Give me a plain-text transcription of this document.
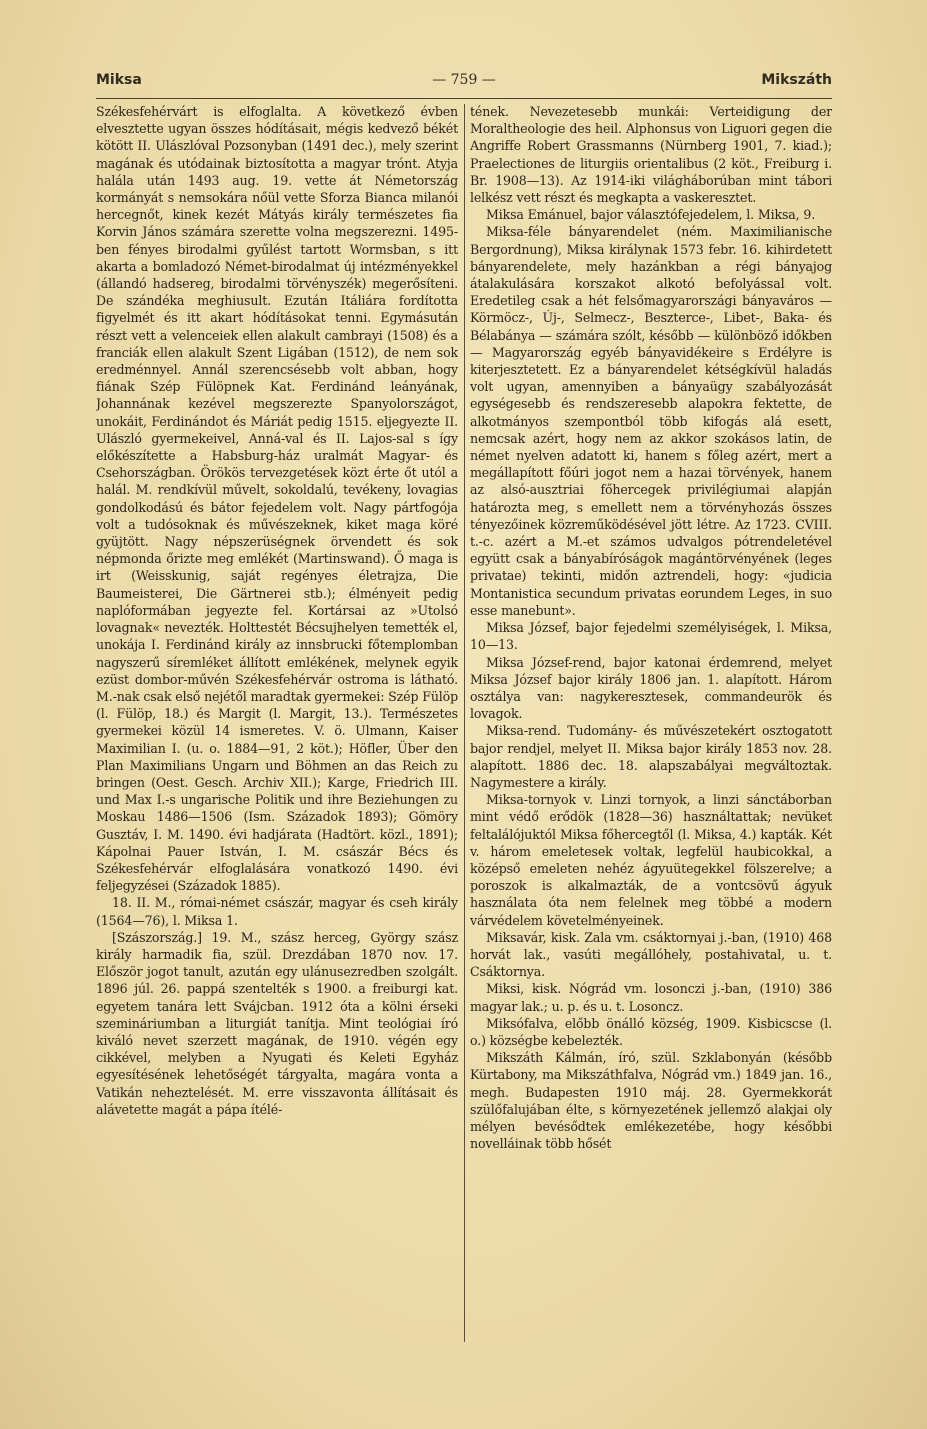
Miksa	— 759 —	Mikszáth

Székesfehérvárt is elfoglalta. A következő évben elvesztette ugyan összes hódításait, mégis kedvező békét kötött II. Ulászlóval Pozsonyban (1491 dec.), mely szerint magának és utódainak biztosította a magyar trónt. Atyja halála után 1493 aug. 19. vette át Németország kormányát s nemsokára nőül vette Sforza Bianca milanói hercegnőt, kinek kezét Mátyás király természetes fia Korvin János számára szerette volna megszerezni. 1495-ben fényes birodalmi gyűlést tartott Wormsban, s itt akarta a bomladozó Német-birodalmat új intézményekkel (állandó hadsereg, birodalmi törvényszék) megerősíteni. De szándéka meghiusult. Ezután Itáliára fordította figyelmét és itt akart hódításokat tenni. Egymásután részt vett a velenceiek ellen alakult cambrayi (1508) és a franciák ellen alakult Szent Ligában (1512), de nem sok eredménnyel. Annál szerencsésebb volt abban, hogy fiának Szép Fülöpnek Kat. Ferdinánd leányának, Johannának kezével megszerezte Spanyolországot, unokáit, Ferdinándot és Máriát pedig 1515. eljegyezte II. Ulászló gyermekeivel, Anná-val és II. Lajos-sal s így előkészítette a Habsburg-ház uralmát Magyar- és Csehországban. Örökös tervezgetések közt érte őt utól a halál. M. rendkívül művelt, sokoldalú, tevékeny, lovagias gondolkodású és bátor fejedelem volt. Nagy pártfogója volt a tudósoknak és művészeknek, kiket maga köré gyüjtött. Nagy népszerüségnek örvendett és sok népmonda őrizte meg emlékét (Martinswand). Ő maga is irt (Weisskunig, saját regényes életrajza, Die Baumeisterei, Die Gärtnerei stb.); élményeit pedig naplóformában jegyezte fel. Kortársai az »Utolsó lovagnak« nevezték. Holttestét Bécsujhelyen temették el, unokája I. Ferdinánd király az innsbrucki főtemplomban nagyszerű síremléket állított emlékének, melynek egyik ezüst dombor-művén Székesfehérvár ostroma is látható. M.-nak csak első nejétől maradtak gyermekei: Szép Fülöp (l. Fülöp, 18.) és Margit (l. Margit, 13.). Természetes gyermekei közül 14 ismeretes. V. ö. Ulmann, Kaiser Maximilian I. (u. o. 1884—91, 2 köt.); Höfler, Über den Plan Maximilians Ungarn und Böhmen an das Reich zu bringen (Oest. Gesch. Archiv XII.); Karge, Friedrich III. und Max I.-s ungarische Politik und ihre Beziehungen zu Moskau 1486—1506 (Ism. Századok 1893); Gömöry Gusztáv, I. M. 1490. évi hadjárata (Hadtört. közl., 1891); Kápolnai Pauer István, I. M. császár Bécs és Székesfehérvár elfoglalására vonatkozó 1490. évi feljegyzései (Századok 1885).

18. II. M., római-német császár, magyar és cseh király (1564—76), l. Miksa 1.

[Szászország.] 19. M., szász herceg, György szász király harmadik fia, szül. Drezdában 1870 nov. 17. Először jogot tanult, azután egy ulánusezredben szolgált. 1896 júl. 26. pappá szentelték s 1900. a freiburgi kat. egyetem tanára lett Svájcban. 1912 óta a kölni érseki szemináriumban a liturgiát tanítja. Mint teológiai író kiváló nevet szerzett magának, de 1910. végén egy cikkével, melyben a Nyugati és Keleti Egyház egyesítésének lehetőségét tárgyalta, magára vonta a Vatikán neheztelését. M. erre visszavonta állításait és alávetette magát a pápa ítélé-

tének. Nevezetesebb munkái: Verteidigung der Moraltheologie des heil. Alphonsus von Liguori gegen die Angriffe Robert Grassmanns (Nürnberg 1901, 7. kiad.); Praelectiones de liturgiis orientalibus (2 köt., Freiburg i. Br. 1908—13). Az 1914-iki világháborúban mint tábori lelkész vett részt és megkapta a vaskeresztet.

Miksa Emánuel, bajor választófejedelem, l. Miksa, 9.

Miksa-féle bányarendelet (ném. Maximilianische Bergordnung), Miksa királynak 1573 febr. 16. kihirdetett bányarendelete, mely hazánkban a régi bányajog átalakulására korszakot alkotó befolyással volt. Eredetileg csak a hét felsőmagyarországi bányaváros — Körmöcz-, Új-, Selmecz-, Beszterce-, Libet-, Baka- és Bélabánya — számára szólt, később — különböző időkben — Magyarország egyéb bányavidékeire s Erdélyre is kiterjesztetett. Ez a bányarendelet kétségkívül haladás volt ugyan, amennyiben a bányaügy szabályozását egységesebb és rendszeresebb alapokra fektette, de alkotmányos szempontból több kifogás alá esett, nemcsak azért, hogy nem az akkor szokásos latin, de német nyelven adatott ki, hanem s főleg azért, mert a megállapított főúri jogot nem a hazai törvények, hanem az alsó-ausztriai főhercegek privilégiumai alapján határozta meg, s emellett nem a törvényhozás összes tényezőinek közreműködésével jött létre. Az 1723. CVIII. t.-c. azért a M.-et számos udvalgos pótrendeletével együtt csak a bányabíróságok magántörvényének (leges privatae) tekinti, midőn aztrendeli, hogy: «judicia Montanistica secundum privatas eorundem Leges, in suo esse manebunt».

Miksa József, bajor fejedelmi személyiségek, l. Miksa, 10—13.

Miksa József-rend, bajor katonai érdemrend, melyet Miksa József bajor király 1806 jan. 1. alapított. Három osztálya van: nagykeresztesek, commandeurök és lovagok.

Miksa-rend. Tudomány- és művészetekért osztogatott bajor rendjel, melyet II. Miksa bajor király 1853 nov. 28. alapított. 1886 dec. 18. alapszabályai megváltoztak. Nagymestere a király.

Miksa-tornyok v. Linzi tornyok, a linzi sánctáborban mint védő erődök (1828—36) használtattak; nevüket feltalálójuktól Miksa főhercegtől (l. Miksa, 4.) kapták. Két v. három emeletesek voltak, legfelül haubicokkal, a középső emeleten nehéz ágyuütegekkel fölszerelve; a poroszok is alkalmazták, de a vontcsövű ágyuk használata óta nem felelnek meg többé a modern várvédelem követelményeinek.

Miksavár, kisk. Zala vm. csáktornyai j.-ban, (1910) 468 horvát lak., vasúti megállóhely, postahivatal, u. t. Csáktornya.

Miksi, kisk. Nógrád vm. losonczi j.-ban, (1910) 386 magyar lak.; u. p. és u. t. Losoncz.

Miksófalva, előbb önálló község, 1909. Kisbicscse (l. o.) községbe kebelezték.

Mikszáth Kálmán, író, szül. Szklabonyán (később Kürtabony, ma Mikszáthfalva, Nógrád vm.) 1849 jan. 16., megh. Budapesten 1910 máj. 28. Gyermekkorát szülőfalujában élte, s környezetének jellemző alakjai oly mélyen bevésődtek emlékezetébe, hogy későbbi novelláinak több hősét
